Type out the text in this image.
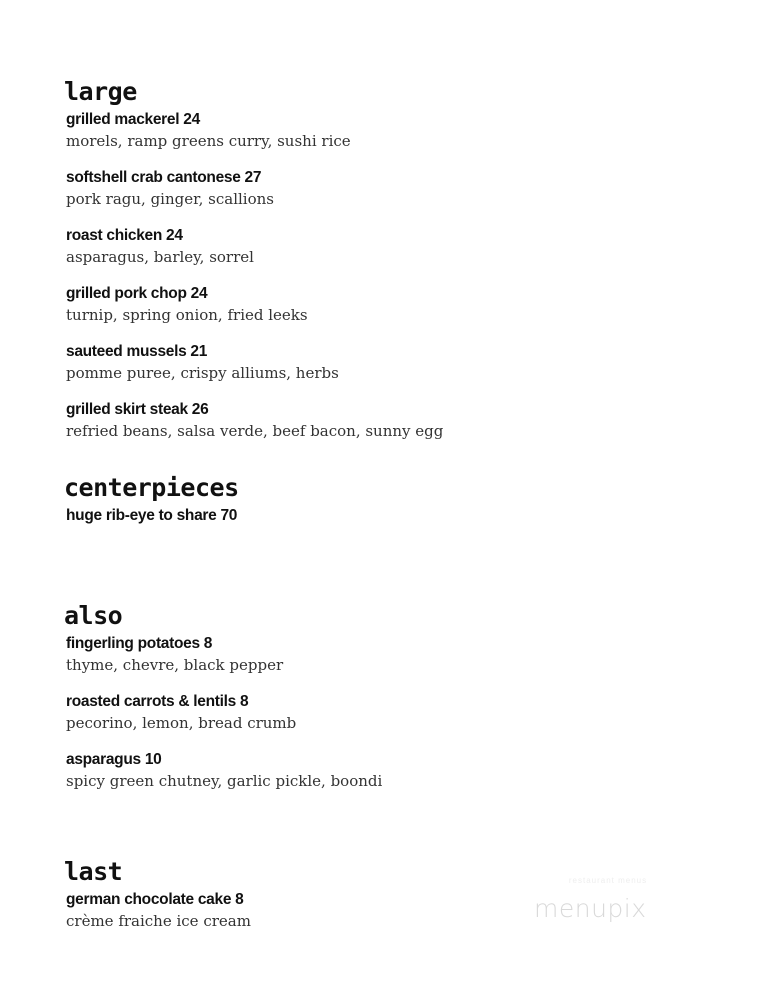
large
grilled mackerel 24
morels, ramp greens curry, sushi rice
softshell crab cantonese 27
pork ragu, ginger, scallions
roast chicken 24
asparagus, barley, sorrel
grilled pork chop 24
turnip, spring onion, fried leeks
sauteed mussels 21
pomme puree, crispy alliums, herbs
grilled skirt steak 26
refried beans, salsa verde, beef bacon, sunny egg
centerpieces
huge rib-eye to share 70
also
fingerling potatoes 8
thyme, chevre, black pepper
roasted carrots & lentils 8
pecorino, lemon, bread crumb
asparagus 10
spicy green chutney, garlic pickle, boondi
last
german chocolate cake 8
crème fraiche ice cream
restaurant menus
menupix
